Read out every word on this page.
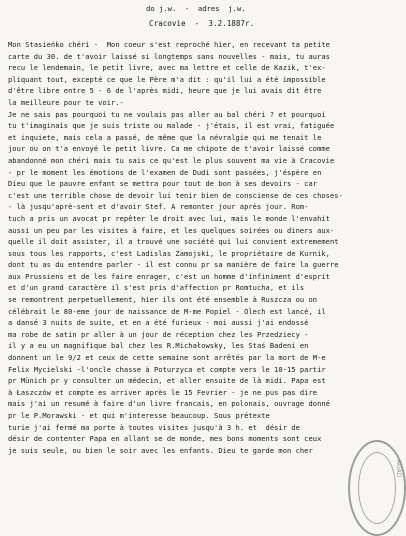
do j.w.  -  adres  j.w.
Cracovie  -  3.2.1887r.
Mon Stasieńko chéri -  Mon coeur s'est reproché hier, en recevant ta petite
carte du 30. de t'avoir laissé si longtemps sans nouvelles - mais, tu auras
recu le lendemain, le petit livre, avec ma lettre et celle de Kazik, t'ex-
pliquant tout, excepté ce que le Père m'a dit : qu'il lui a été impossible
d'être libre entre 5 - 6 de l'après midi, heure que je lui avais dit être
la meilleure pour te voir.-
Je ne sais pas pourquoi tu ne voulais pas aller au bal chéri ? et pourquoi
tu t'imaginais que je suis triste ou malade - j'étais, il est vrai, fatiguée
et inquiete, mais cela a passé, de même que la névralgie qui me tenait le
jour ou on t'a envoyé le petit livre. Ca me chipote de t'avoir laissé comme
abandonné mon chéri mais tu sais ce qu'est le plus souvent ma vie à Cracovie
- pr le moment les émotions de l'examen de Dudi sont passées, j'éspère en
Dieu que le pauvre enfant se mettra pour tout de bon à ses devoirs - car
c'est une terrible chose de devoir lui tenir bien de consciense de ces choses-
- là jusqu'aprè-sent et d'avoir Stef. A remonter jour après jour. Rom-
tuch a pris un avocat pr repêter le droit avec lui, mais le monde l'envahit
aussi un peu par les visites à faire, et les quelques soirées ou diners aux-
quelle il doit assister, il a trouvé une société qui lui convient extremement
sous tous les rapports, c'est Ladislas Zamojski, le propriétaire de Kurnik,
dont tu as du entendre parler - il est connu pr sa manière de faire la guerre
aux Prussiens et de les faire enrager, c'est un homme d'infiniment d'esprit
et d'un grand caractère il s'est pris d'affection pr Romtucha, et ils
se remontrent perpetuellement, hier ils ont été ensemble à Ruszcza ou on
célébrait le 80-eme jour de naissance de M-me Popiel - Olech est lancé, il
a dansé 3 nuits de suite, et en a été furieux - moi aussi j'ai endossé
ma robe de satin pr aller à un jour de réception chez les Przedziecy -
il y a eu un magnifique bal chez les R.Michałowsky, les Staś Badeni en
donnent un le 9/2 et ceux de cette semaine sont arrêtés par la mort de M-e
Felix Mycielski -l'oncle chasse à Poturzyca et compte vers le 10-15 partir
pr Münich pr y consulter un médecin, et aller ensuite de là midi. Papa est
à Łaszczów et compte es arriver après le 15 Fevrier - je ne pus pas dire
mais j'ai un resumé à faire d'un livre francais, en polonais, ouvrage donné
pr le P.Morawski - et qui m'interesse beaucoup. Sous prétexte
turie j'ai fermé ma porte à toutes visites jusqu'à 3 h. et  désir de
désir de contenter Papa en allant se de monde, mes bons moments sont ceux
je suis seule, ou bien le soir avec les enfants. Dieu te garde mon cher
AGAD
